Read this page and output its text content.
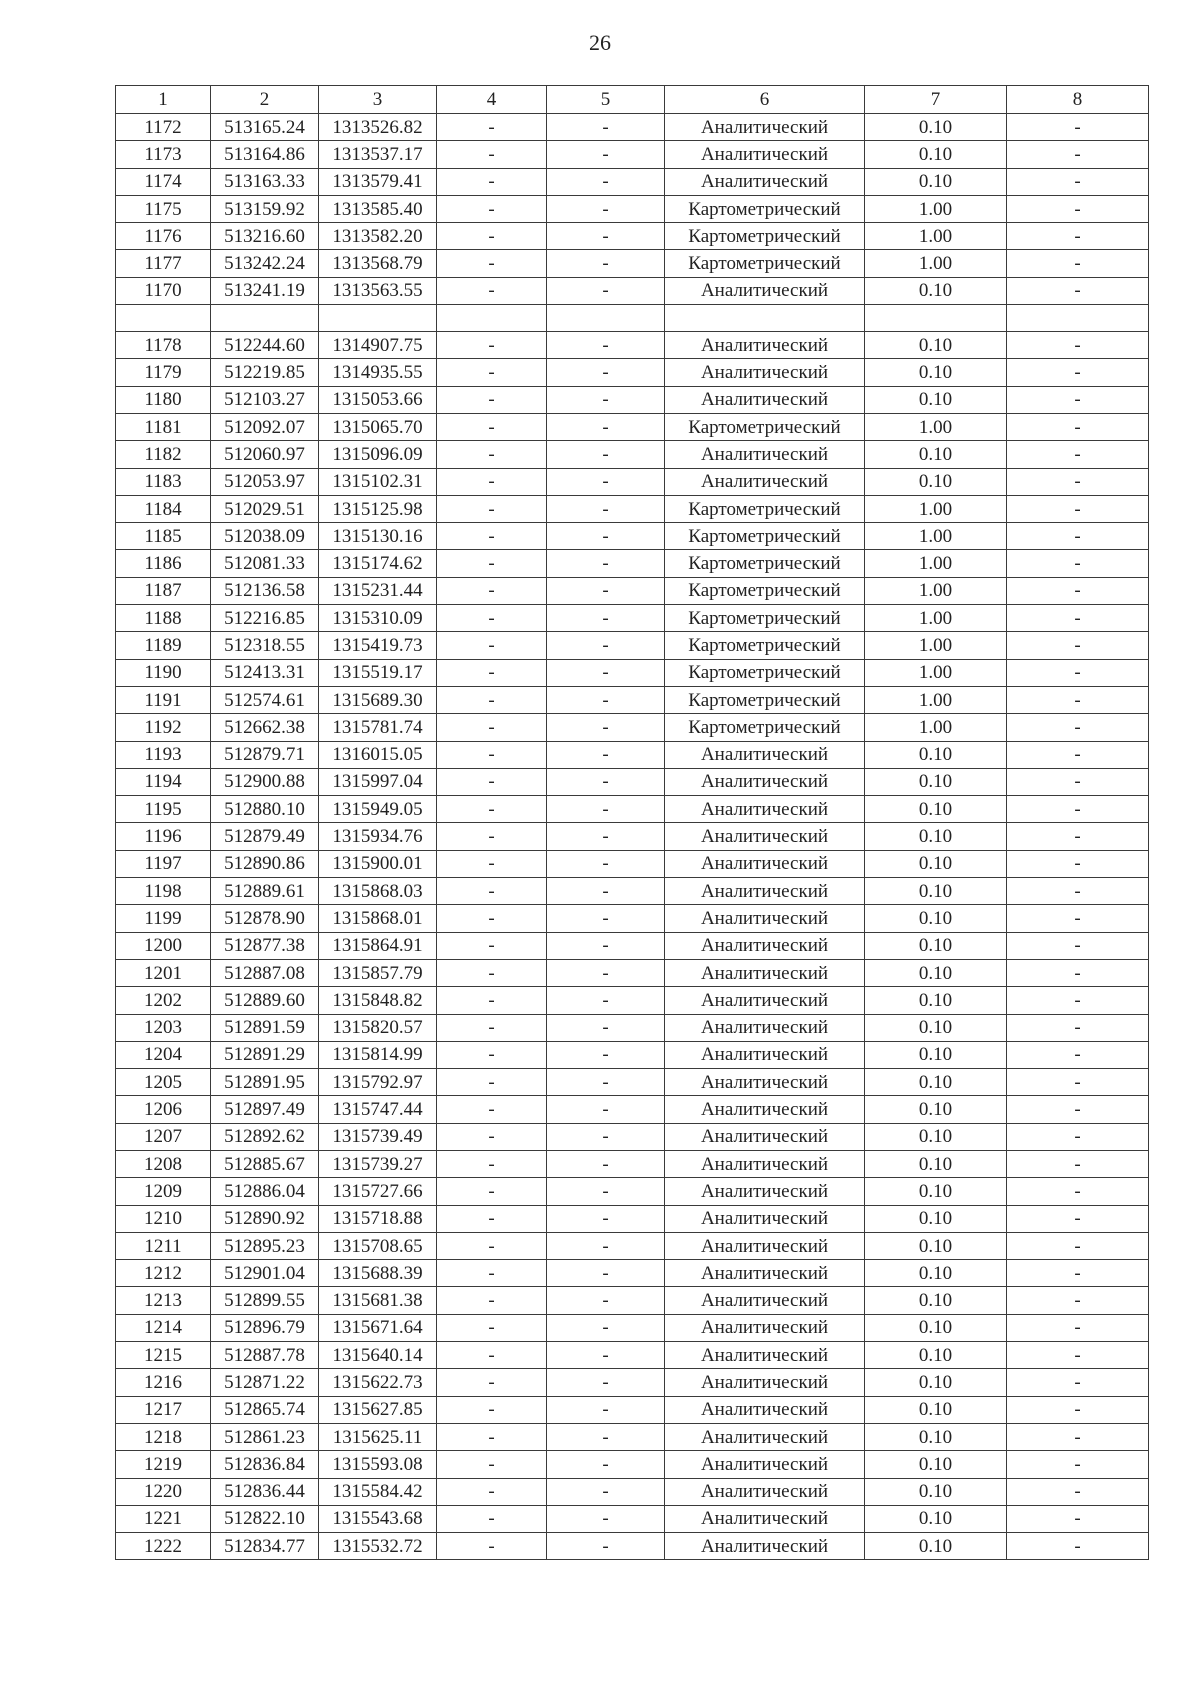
26
1	2	3	4	5	6	7	8
1172	513165.24	1313526.82	-	-	Аналитический	0.10	-
1173	513164.86	1313537.17	-	-	Аналитический	0.10	-
1174	513163.33	1313579.41	-	-	Аналитический	0.10	-
1175	513159.92	1313585.40	-	-	Картометрический	1.00	-
1176	513216.60	1313582.20	-	-	Картометрический	1.00	-
1177	513242.24	1313568.79	-	-	Картометрический	1.00	-
1170	513241.19	1313563.55	-	-	Аналитический	0.10	-

1178	512244.60	1314907.75	-	-	Аналитический	0.10	-
1179	512219.85	1314935.55	-	-	Аналитический	0.10	-
1180	512103.27	1315053.66	-	-	Аналитический	0.10	-
1181	512092.07	1315065.70	-	-	Картометрический	1.00	-
1182	512060.97	1315096.09	-	-	Аналитический	0.10	-
1183	512053.97	1315102.31	-	-	Аналитический	0.10	-
1184	512029.51	1315125.98	-	-	Картометрический	1.00	-
1185	512038.09	1315130.16	-	-	Картометрический	1.00	-
1186	512081.33	1315174.62	-	-	Картометрический	1.00	-
1187	512136.58	1315231.44	-	-	Картометрический	1.00	-
1188	512216.85	1315310.09	-	-	Картометрический	1.00	-
1189	512318.55	1315419.73	-	-	Картометрический	1.00	-
1190	512413.31	1315519.17	-	-	Картометрический	1.00	-
1191	512574.61	1315689.30	-	-	Картометрический	1.00	-
1192	512662.38	1315781.74	-	-	Картометрический	1.00	-
1193	512879.71	1316015.05	-	-	Аналитический	0.10	-
1194	512900.88	1315997.04	-	-	Аналитический	0.10	-
1195	512880.10	1315949.05	-	-	Аналитический	0.10	-
1196	512879.49	1315934.76	-	-	Аналитический	0.10	-
1197	512890.86	1315900.01	-	-	Аналитический	0.10	-
1198	512889.61	1315868.03	-	-	Аналитический	0.10	-
1199	512878.90	1315868.01	-	-	Аналитический	0.10	-
1200	512877.38	1315864.91	-	-	Аналитический	0.10	-
1201	512887.08	1315857.79	-	-	Аналитический	0.10	-
1202	512889.60	1315848.82	-	-	Аналитический	0.10	-
1203	512891.59	1315820.57	-	-	Аналитический	0.10	-
1204	512891.29	1315814.99	-	-	Аналитический	0.10	-
1205	512891.95	1315792.97	-	-	Аналитический	0.10	-
1206	512897.49	1315747.44	-	-	Аналитический	0.10	-
1207	512892.62	1315739.49	-	-	Аналитический	0.10	-
1208	512885.67	1315739.27	-	-	Аналитический	0.10	-
1209	512886.04	1315727.66	-	-	Аналитический	0.10	-
1210	512890.92	1315718.88	-	-	Аналитический	0.10	-
1211	512895.23	1315708.65	-	-	Аналитический	0.10	-
1212	512901.04	1315688.39	-	-	Аналитический	0.10	-
1213	512899.55	1315681.38	-	-	Аналитический	0.10	-
1214	512896.79	1315671.64	-	-	Аналитический	0.10	-
1215	512887.78	1315640.14	-	-	Аналитический	0.10	-
1216	512871.22	1315622.73	-	-	Аналитический	0.10	-
1217	512865.74	1315627.85	-	-	Аналитический	0.10	-
1218	512861.23	1315625.11	-	-	Аналитический	0.10	-
1219	512836.84	1315593.08	-	-	Аналитический	0.10	-
1220	512836.44	1315584.42	-	-	Аналитический	0.10	-
1221	512822.10	1315543.68	-	-	Аналитический	0.10	-
1222	512834.77	1315532.72	-	-	Аналитический	0.10	-
